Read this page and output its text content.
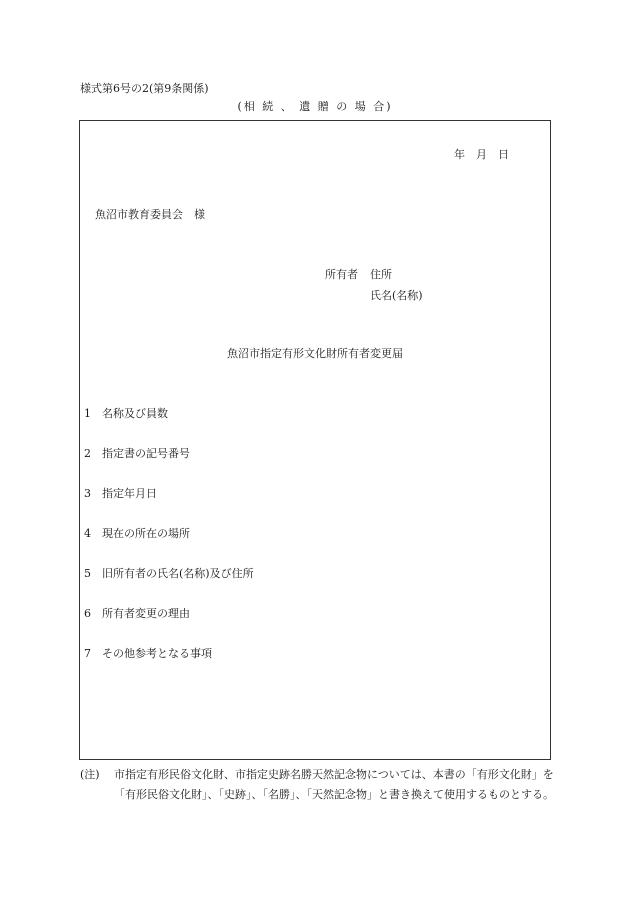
様式第6号の2(第9条関係)
(相 続 、 遺 贈 の 場 合)
年　月　日
魚沼市教育委員会　様
所有者 住所
氏名(名称)
魚沼市指定有形文化財所有者変更届
1 名称及び員数
2 指定書の記号番号
3 指定年月日
4 現在の所在の場所
5 旧所有者の氏名(名称)及び住所
6 所有者変更の理由
7 その他参考となる事項
(注) 市指定有形民俗文化財、市指定史跡名勝天然記念物については、本書の「有形文化財」を「有形民俗文化財」、「史跡」、「名勝」、「天然記念物」と書き換えて使用するものとする。
